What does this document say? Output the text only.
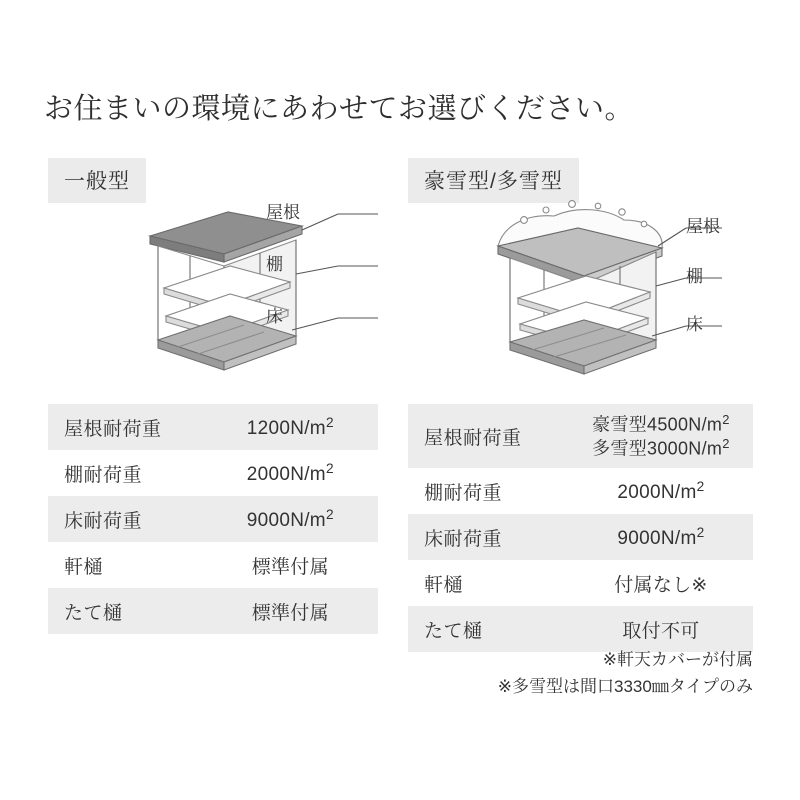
お住まいの環境にあわせてお選びください。
一般型
屋根
棚
床
屋根耐荷重	$1200N/m^2$
棚耐荷重	$2000N/m^2$
床耐荷重	$9000N/m^2$
軒樋	標準付属
たて樋	標準付属
豪雪型/多雪型
屋根
棚
床
屋根耐荷重	豪雪型$4500N/m^2$
多雪型$3000N/m^2$

棚耐荷重	$2000N/m^2$
床耐荷重	$9000N/m^2$
軒樋	付属なし※
たて樋	取付不可
※軒天カバーが付属
※多雪型は間口3330㎜タイプのみ
